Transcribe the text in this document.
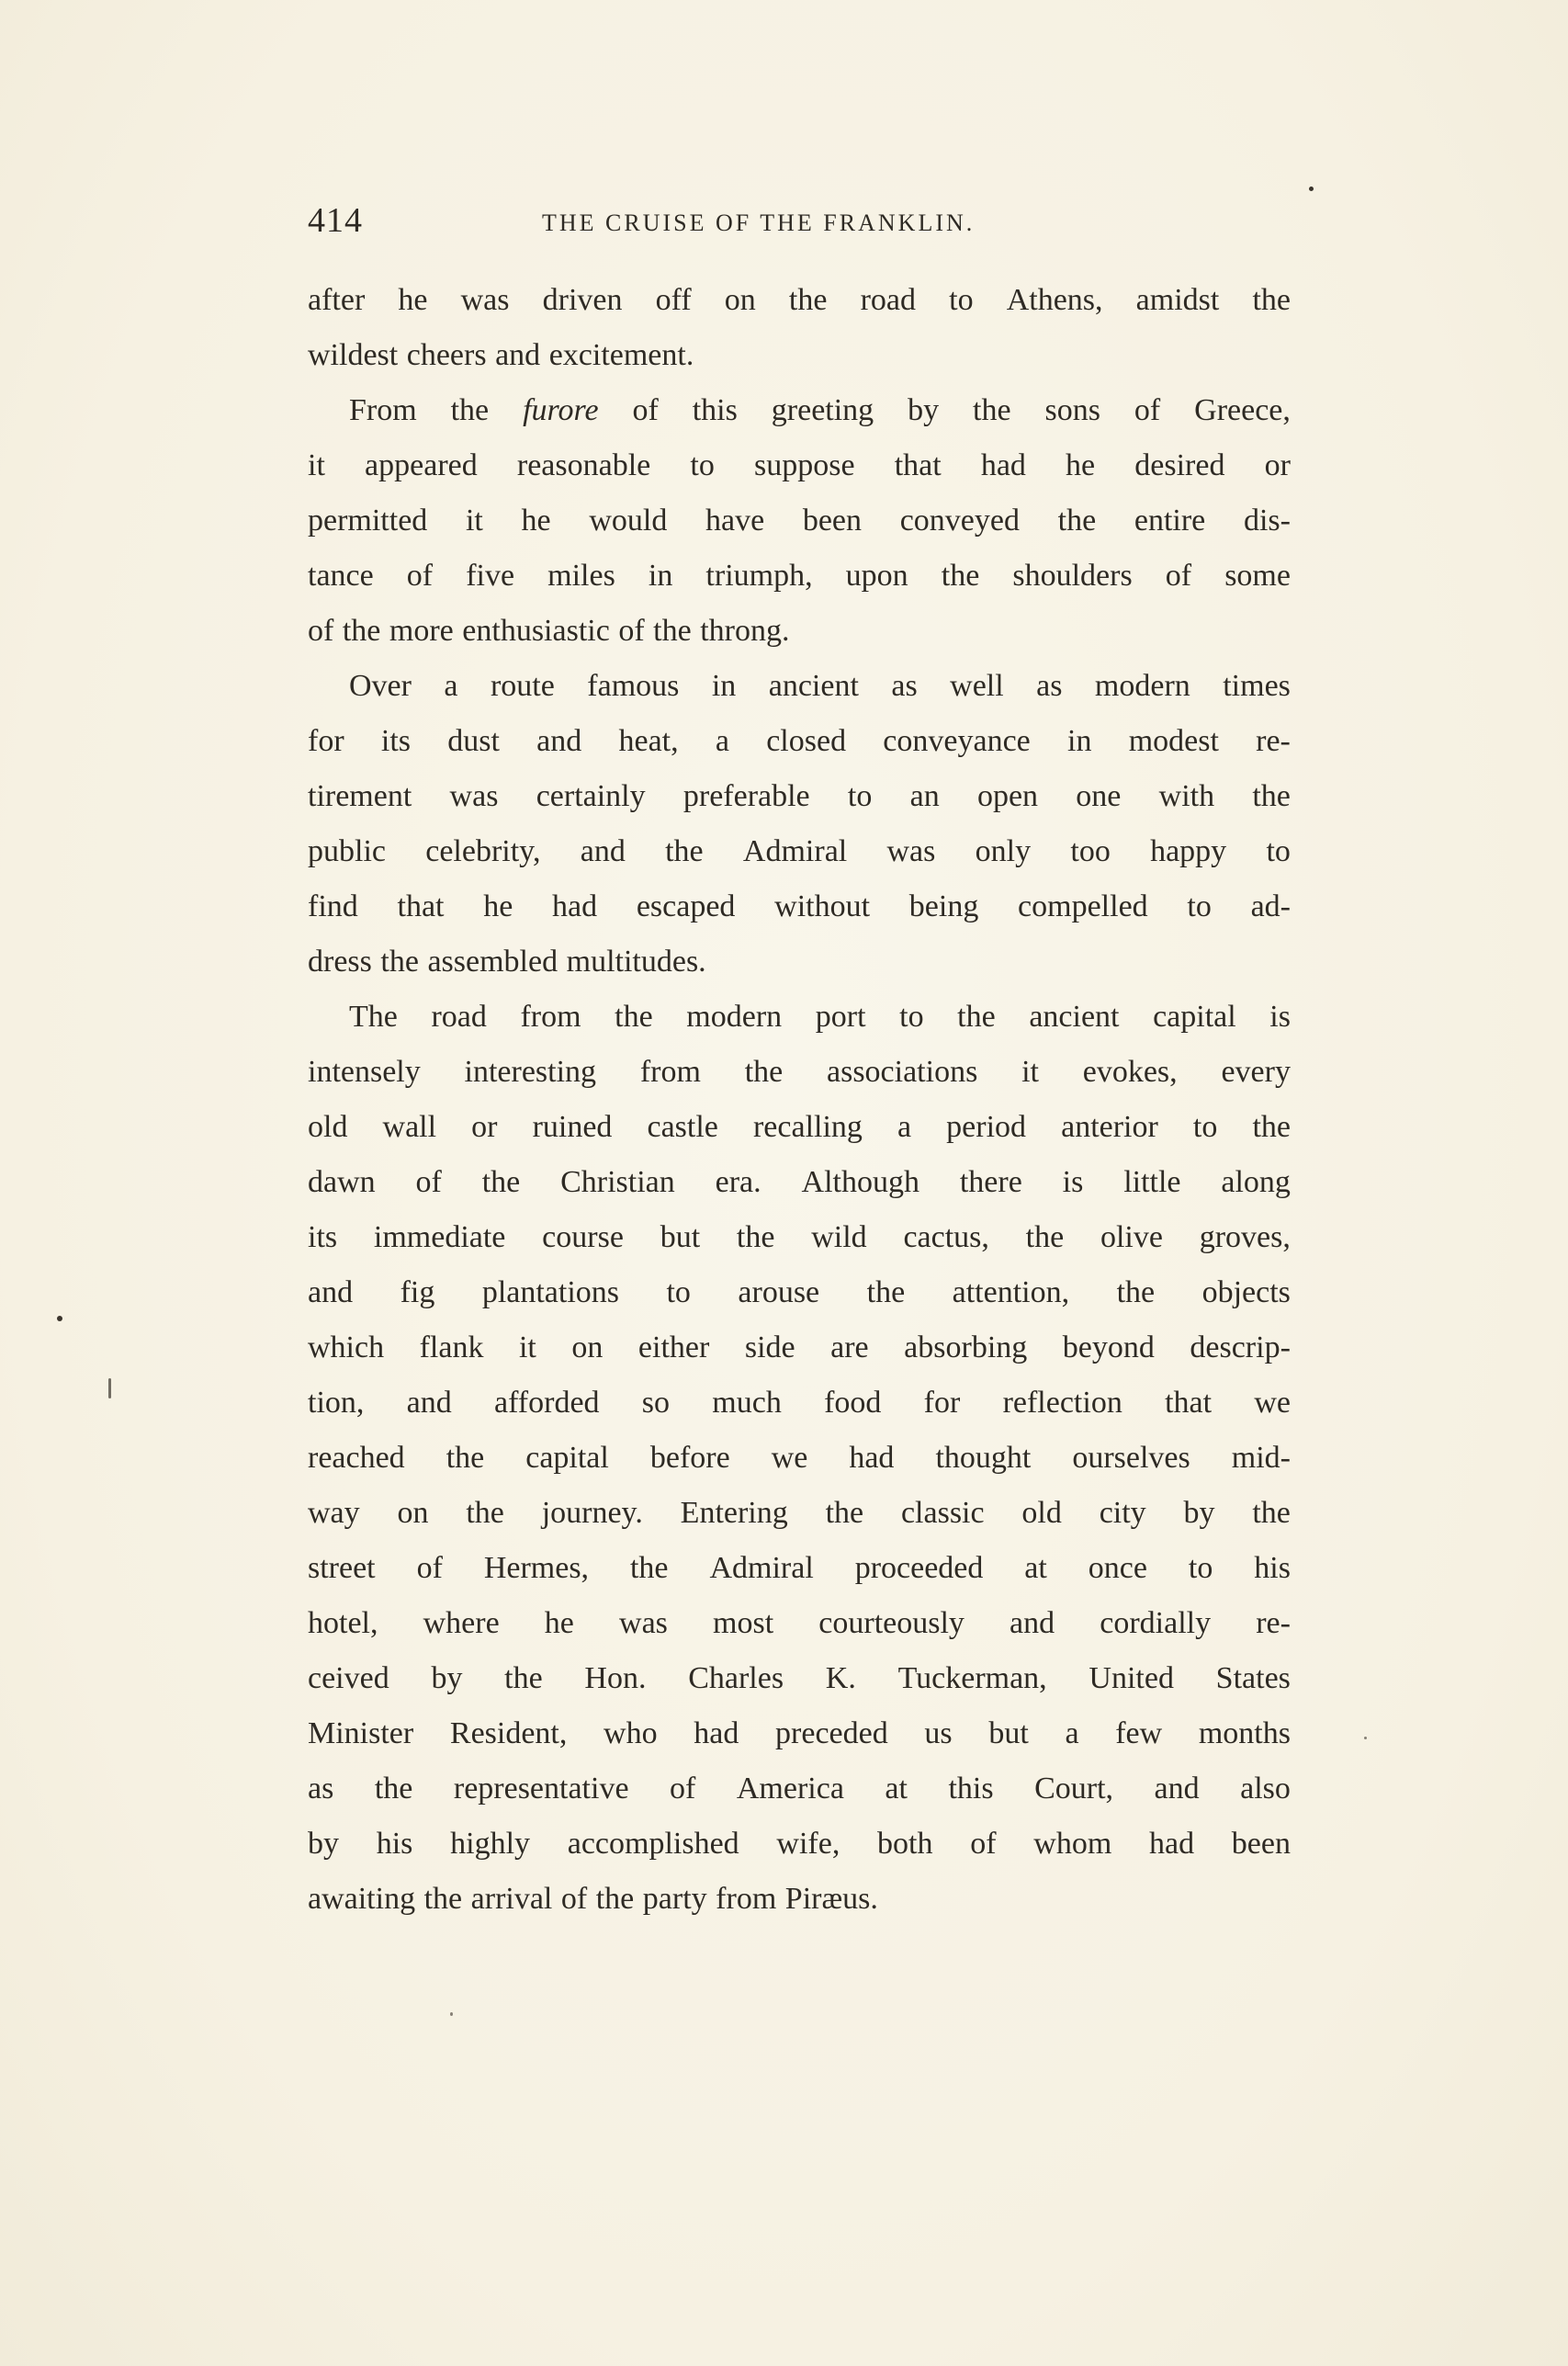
414	THE CRUISE OF THE FRANKLIN.
after he was driven off on the road to Athens, amidst the
wildest cheers and excitement.
From the furore of this greeting by the sons of Greece,
it appeared reasonable to suppose that had he desired or
permitted it he would have been conveyed the entire dis-
tance of five miles in triumph, upon the shoulders of some
of the more enthusiastic of the throng.
Over a route famous in ancient as well as modern times
for its dust and heat, a closed conveyance in modest re-
tirement was certainly preferable to an open one with the
public celebrity, and the Admiral was only too happy to
find that he had escaped without being compelled to ad-
dress the assembled multitudes.
The road from the modern port to the ancient capital is
intensely interesting from the associations it evokes, every
old wall or ruined castle recalling a period anterior to the
dawn of the Christian era. Although there is little along
its immediate course but the wild cactus, the olive groves,
and fig plantations to arouse the attention, the objects
which flank it on either side are absorbing beyond descrip-
tion, and afforded so much food for reflection that we
reached the capital before we had thought ourselves mid-
way on the journey. Entering the classic old city by the
street of Hermes, the Admiral proceeded at once to his
hotel, where he was most courteously and cordially re-
ceived by the Hon. Charles K. Tuckerman, United States
Minister Resident, who had preceded us but a few months
as the representative of America at this Court, and also
by his highly accomplished wife, both of whom had been
awaiting the arrival of the party from Piræus.
